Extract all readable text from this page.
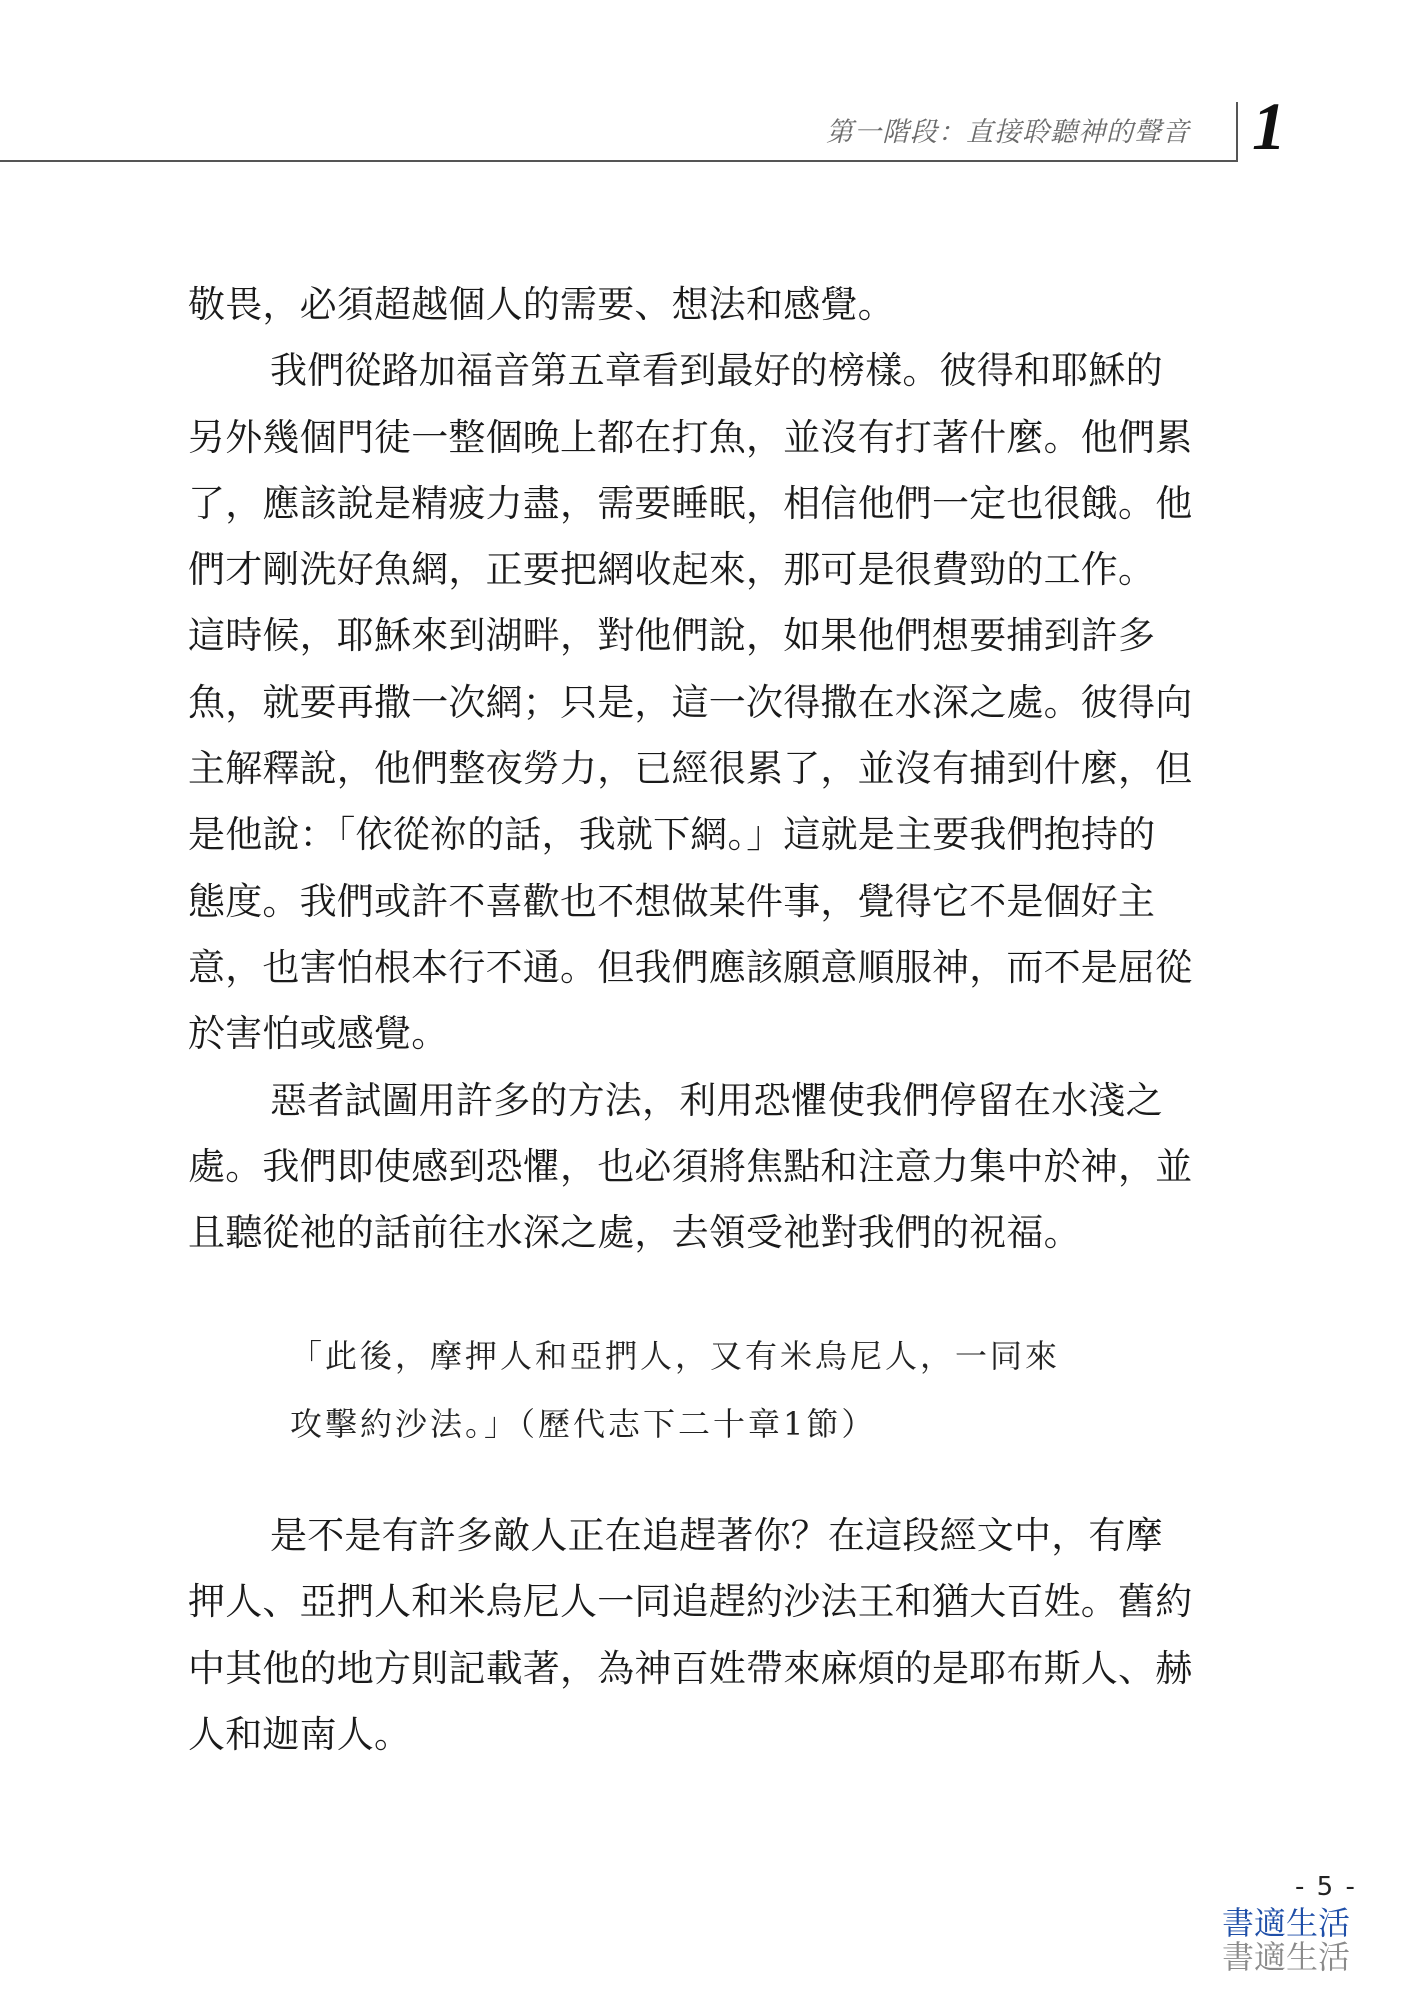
第一階段：直接聆聽神的聲音 1

敬畏，必須超越個人的需要、想法和感覺。

我們從路加福音第五章看到最好的榜樣。彼得和耶穌的
另外幾個門徒一整個晚上都在打魚，並沒有打著什麼。他們累
了，應該說是精疲力盡，需要睡眠，相信他們一定也很餓。他
們才剛洗好魚網，正要把網收起來，那可是很費勁的工作。
這時候，耶穌來到湖畔，對他們說，如果他們想要捕到許多
魚，就要再撒一次網；只是，這一次得撒在水深之處。彼得向
主解釋說，他們整夜勞力，已經很累了，並沒有捕到什麼，但
是他說：「依從祢的話，我就下網。」這就是主要我們抱持的
態度。我們或許不喜歡也不想做某件事，覺得它不是個好主
意，也害怕根本行不通。但我們應該願意順服神，而不是屈從
於害怕或感覺。

惡者試圖用許多的方法，利用恐懼使我們停留在水淺之
處。我們即使感到恐懼，也必須將焦點和注意力集中於神，並
且聽從祂的話前往水深之處，去領受祂對我們的祝福。

「此後，摩押人和亞捫人，又有米烏尼人，一同來
攻擊約沙法。」（歷代志下二十章1節）

是不是有許多敵人正在追趕著你？在這段經文中，有摩
押人、亞捫人和米烏尼人一同追趕約沙法王和猶大百姓。舊約
中其他的地方則記載著，為神百姓帶來麻煩的是耶布斯人、赫
人和迦南人。

- 5 -
書適生活
書適生活
